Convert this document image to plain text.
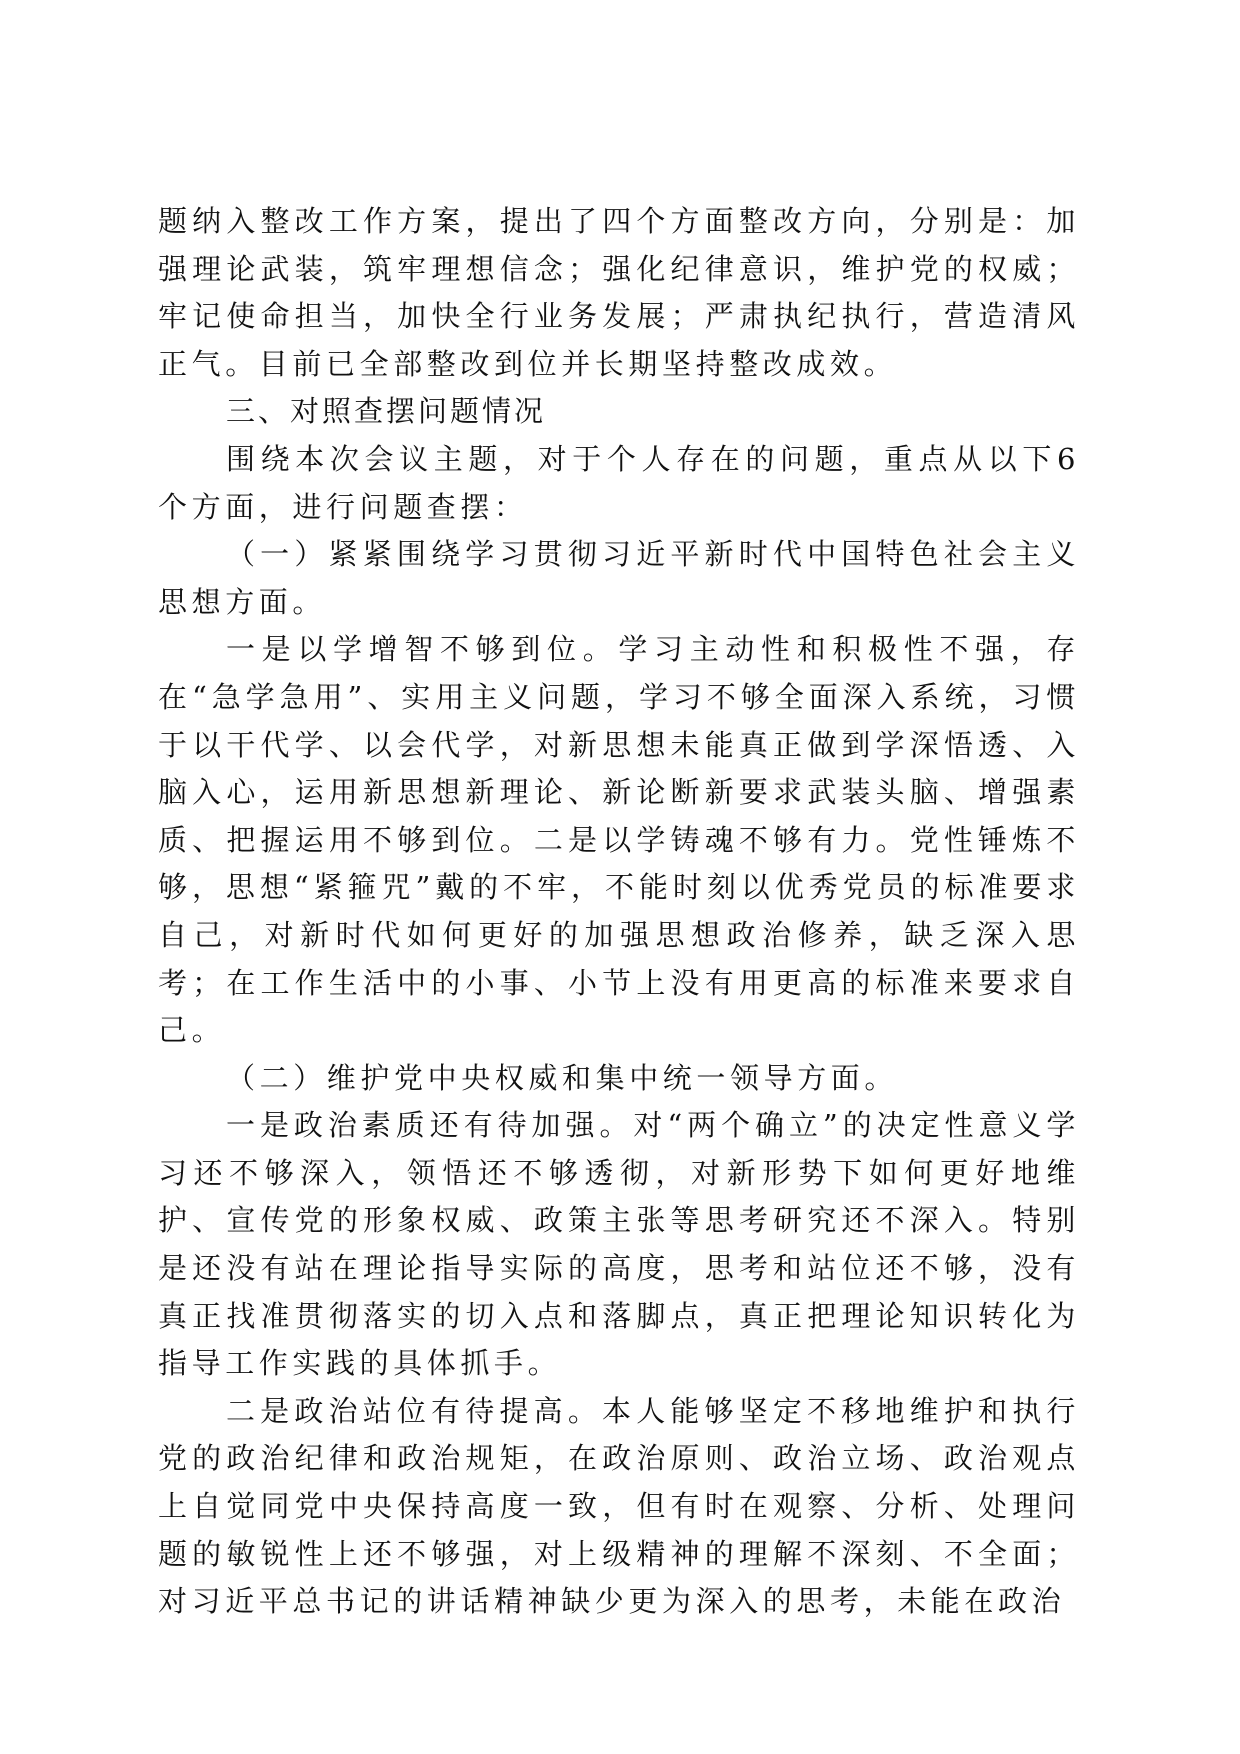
题纳入整改工作方案，提出了四个方面整改方向，分别是：加强理论武装，筑牢理想信念；强化纪律意识，维护党的权威；牢记使命担当，加快全行业务发展；严肃执纪执行，营造清风正气。目前已全部整改到位并长期坚持整改成效。

三、对照查摆问题情况

围绕本次会议主题，对于个人存在的问题，重点从以下6个方面，进行问题查摆：

（一）紧紧围绕学习贯彻习近平新时代中国特色社会主义思想方面。

一是以学增智不够到位。学习主动性和积极性不强，存在“急学急用”、实用主义问题，学习不够全面深入系统，习惯于以干代学、以会代学，对新思想未能真正做到学深悟透、入脑入心，运用新思想新理论、新论断新要求武装头脑、增强素质、把握运用不够到位。二是以学铸魂不够有力。党性锤炼不够，思想“紧箍咒”戴的不牢，不能时刻以优秀党员的标准要求自己，对新时代如何更好的加强思想政治修养，缺乏深入思考；在工作生活中的小事、小节上没有用更高的标准来要求自己。

（二）维护党中央权威和集中统一领导方面。

一是政治素质还有待加强。对“两个确立”的决定性意义学习还不够深入，领悟还不够透彻，对新形势下如何更好地维护、宣传党的形象权威、政策主张等思考研究还不深入。特别是还没有站在理论指导实际的高度，思考和站位还不够，没有真正找准贯彻落实的切入点和落脚点，真正把理论知识转化为指导工作实践的具体抓手。

二是政治站位有待提高。本人能够坚定不移地维护和执行党的政治纪律和政治规矩，在政治原则、政治立场、政治观点上自觉同党中央保持高度一致，但有时在观察、分析、处理问题的敏锐性上还不够强，对上级精神的理解不深刻、不全面；对习近平总书记的讲话精神缺少更为深入的思考，未能在政治
